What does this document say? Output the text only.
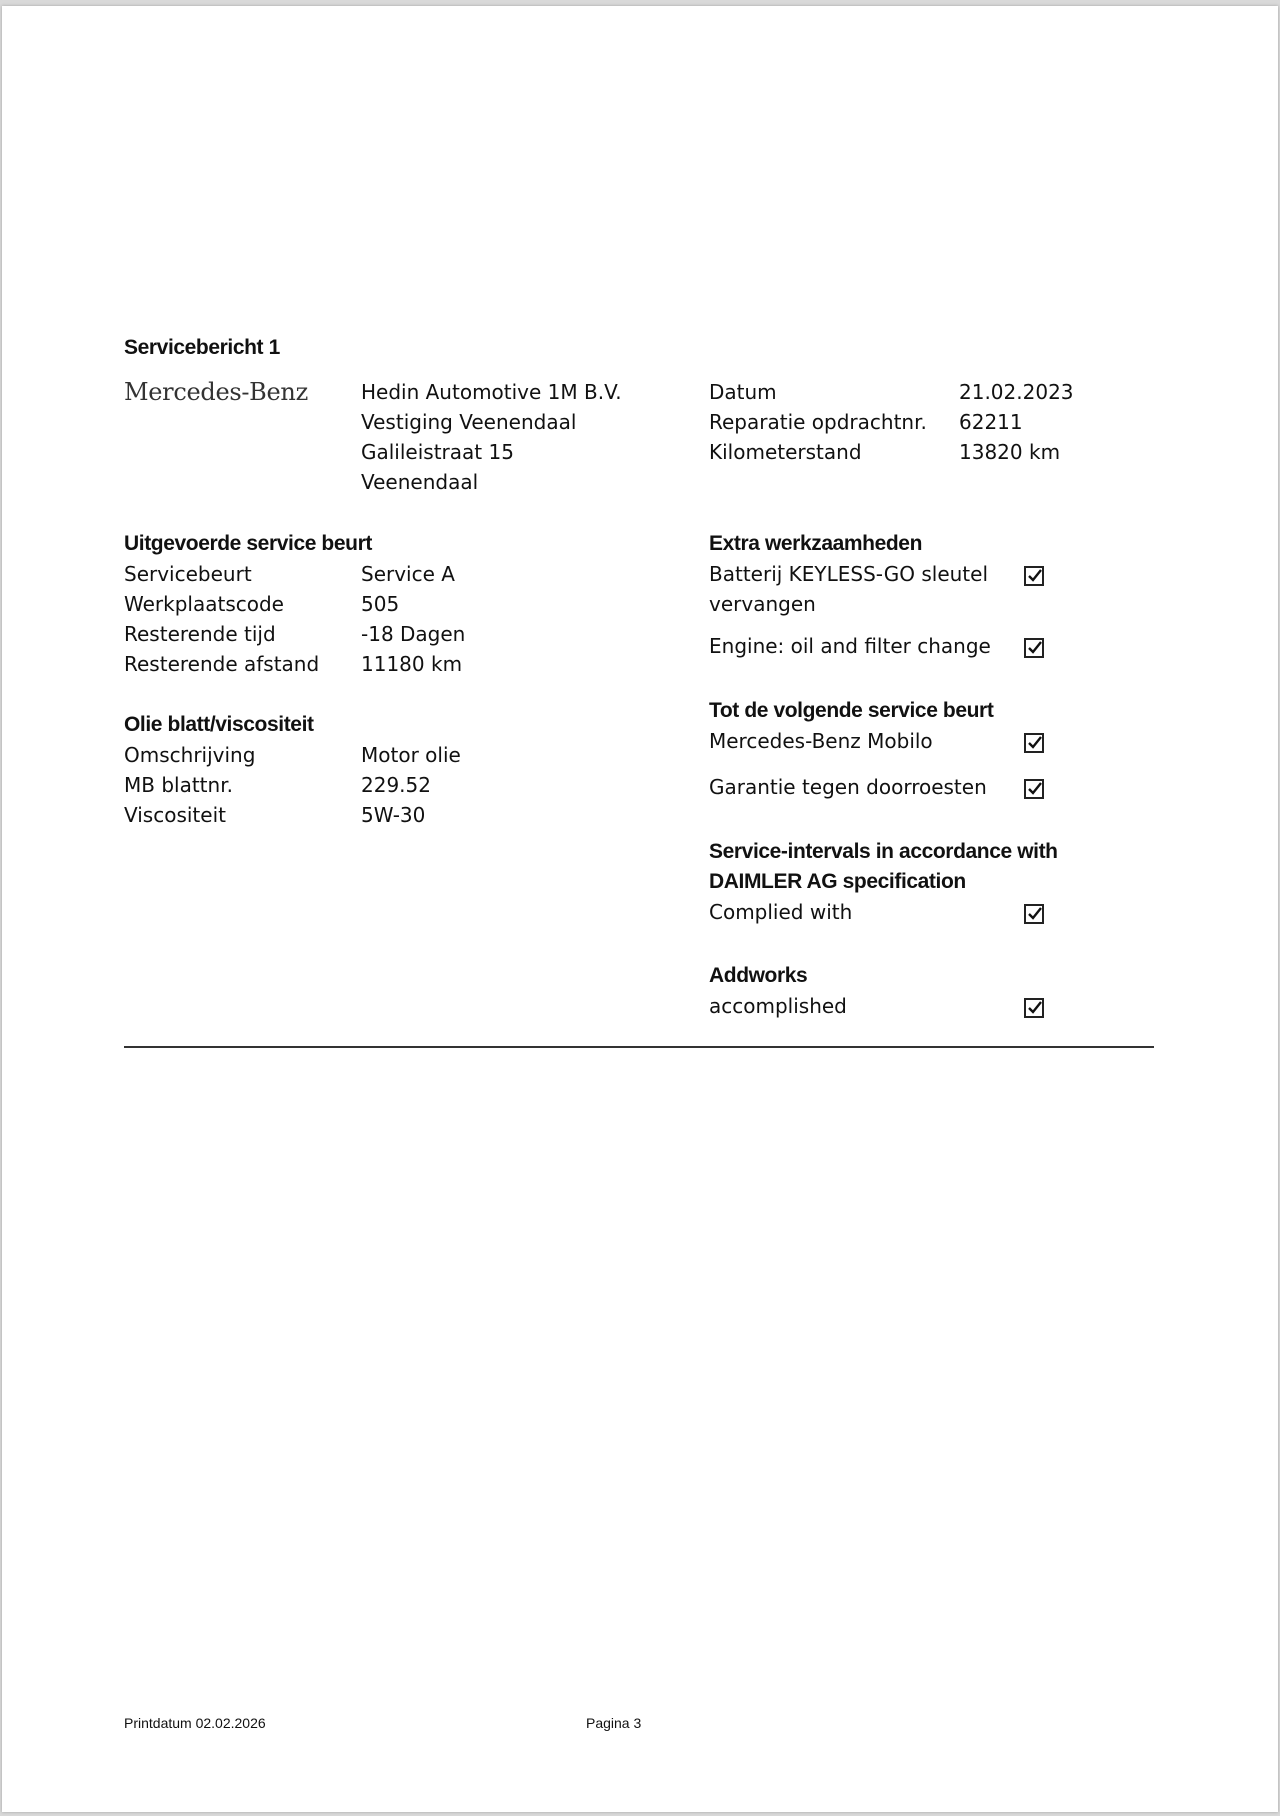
Servicebericht 1
Mercedes-Benz	Hedin Automotive 1M B.V.
Vestiging Veenendaal
Galileistraat 15
Veenendaal
Datum	21.02.2023
Reparatie opdrachtnr. 62211
Kilometerstand	13820 km
Uitgevoerde service beurt
Servicebeurt	Service A
Werkplaatscode	505
Resterende tijd	-18 Dagen
Resterende afstand 11180 km
Olie blatt/viscositeit
Omschrijving	Motor olie
MB blattnr.	229.52
Viscositeit	5W-30
Extra werkzaamheden
Batterij KEYLESS-GO sleutel
vervangen
Engine: oil and filter change
Tot de volgende service beurt
Mercedes-Benz Mobilo
Garantie tegen doorroesten
Service-intervals in accordance with
DAIMLER AG specification
Complied with
Addworks
accomplished
Printdatum 02.02.2026	Pagina 3
